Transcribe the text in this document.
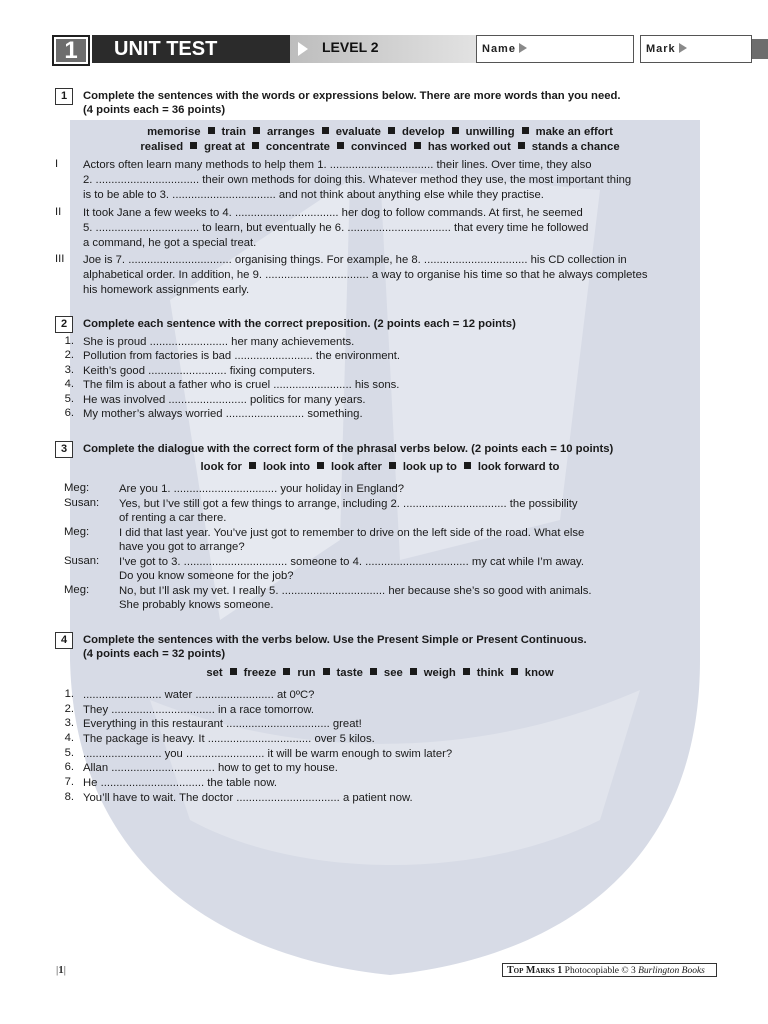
1	UNIT TEST	LEVEL 2	Name	Mark
1	Complete the sentences with the words or expressions below. There are more words than you need.
(4 points each = 36 points)
memorise train arranges evaluate develop unwilling make an effort
realised great at concentrate convinced has worked out stands a chance
I Actors often learn many methods to help them 1. ................................. their lines. Over time, they also
2. ................................. their own methods for doing this. Whatever method they use, the most important thing
is to be able to 3. ................................. and not think about anything else while they practise.
II It took Jane a few weeks to 4. ................................. her dog to follow commands. At first, he seemed
5. ................................. to learn, but eventually he 6. ................................. that every time he followed
a command, he got a special treat.
III Joe is 7. ................................. organising things. For example, he 8. ................................. his CD collection in
alphabetical order. In addition, he 9. ................................. a way to organise his time so that he always completes
his homework assignments early.
2	Complete each sentence with the correct preposition. (2 points each = 12 points)
1. She is proud ......................... her many achievements.
2. Pollution from factories is bad ......................... the environment.
3. Keith’s good ......................... fixing computers.
4. The film is about a father who is cruel ......................... his sons.
5. He was involved ......................... politics for many years.
6. My mother’s always worried ......................... something.
3	Complete the dialogue with the correct form of the phrasal verbs below. (2 points each = 10 points)
look for look into look after look up to look forward to
Meg:	Are you 1. ................................. your holiday in England?
Susan: Yes, but I’ve still got a few things to arrange, including 2. ................................. the possibility
of renting a car there.
Meg:	I did that last year. You’ve just got to remember to drive on the left side of the road. What else
have you got to arrange?
Susan: I’ve got to 3. ................................. someone to 4. ................................. my cat while I’m away.
Do you know someone for the job?
Meg:	No, but I’ll ask my vet. I really 5. ................................. her because she’s so good with animals.
She probably knows someone.
4	Complete the sentences with the verbs below. Use the Present Simple or Present Continuous.
(4 points each = 32 points)
set freeze run taste see weigh think know
1. ......................... water ......................... at 0ºC?
2. They ................................. in a race tomorrow.
3. Everything in this restaurant ................................. great!
4. The package is heavy. It ................................. over 5 kilos.
5. ......................... you ......................... it will be warm enough to swim later?
6. Allan ................................. how to get to my house.
7. He ................................. the table now.
8. You’ll have to wait. The doctor ................................. a patient now.
|1|	Top Marks 1 Photocopiable © 3 Burlington Books
